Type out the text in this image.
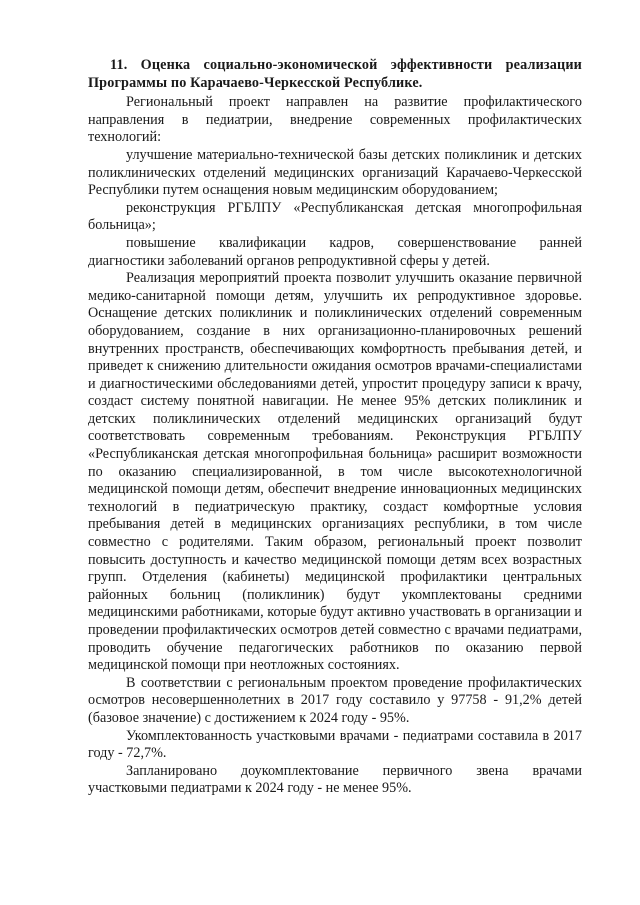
11. Оценка социально-экономической эффективности реализации Программы по Карачаево-Черкесской Республике.

Региональный проект направлен на развитие профилактического направления в педиатрии, внедрение современных профилактических технологий:

улучшение материально-технической базы детских поликлиник и детских поликлинических отделений медицинских организаций Карачаево-Черкесской Республики путем оснащения новым медицинским оборудованием;

реконструкция РГБЛПУ «Республиканская детская многопрофильная больница»;

повышение квалификации кадров, совершенствование ранней диагностики заболеваний органов репродуктивной сферы у детей.

Реализация мероприятий проекта позволит улучшить оказание первичной медико-санитарной помощи детям, улучшить их репродуктивное здоровье. Оснащение детских поликлиник и поликлинических отделений современным оборудованием, создание в них организационно-планировочных решений внутренних пространств, обеспечивающих комфортность пребывания детей, и приведет к снижению длительности ожидания осмотров врачами-специалистами и диагностическими обследованиями детей, упростит процедуру записи к врачу, создаст систему понятной навигации. Не менее 95% детских поликлиник и детских поликлинических отделений медицинских организаций будут соответствовать современным требованиям. Реконструкция РГБЛПУ «Республиканская детская многопрофильная больница» расширит возможности по оказанию специализированной, в том числе высокотехнологичной медицинской помощи детям, обеспечит внедрение инновационных медицинских технологий в педиатрическую практику, создаст комфортные условия пребывания детей в медицинских организациях республики, в том числе совместно с родителями. Таким образом, региональный проект позволит повысить доступность и качество медицинской помощи детям всех возрастных групп. Отделения (кабинеты) медицинской профилактики центральных районных больниц (поликлиник) будут укомплектованы средними медицинскими работниками, которые будут активно участвовать в организации и проведении профилактических осмотров детей совместно с врачами педиатрами, проводить обучение педагогических работников по оказанию первой медицинской помощи при неотложных состояниях.

В соответствии с региональным проектом проведение профилактических осмотров несовершеннолетних в 2017 году составило у 97758 - 91,2% детей (базовое значение) с достижением к 2024 году - 95%.

Укомплектованность участковыми врачами - педиатрами составила в 2017 году - 72,7%.

Запланировано доукомплектование первичного звена врачами участковыми педиатрами к 2024 году - не менее 95%.
